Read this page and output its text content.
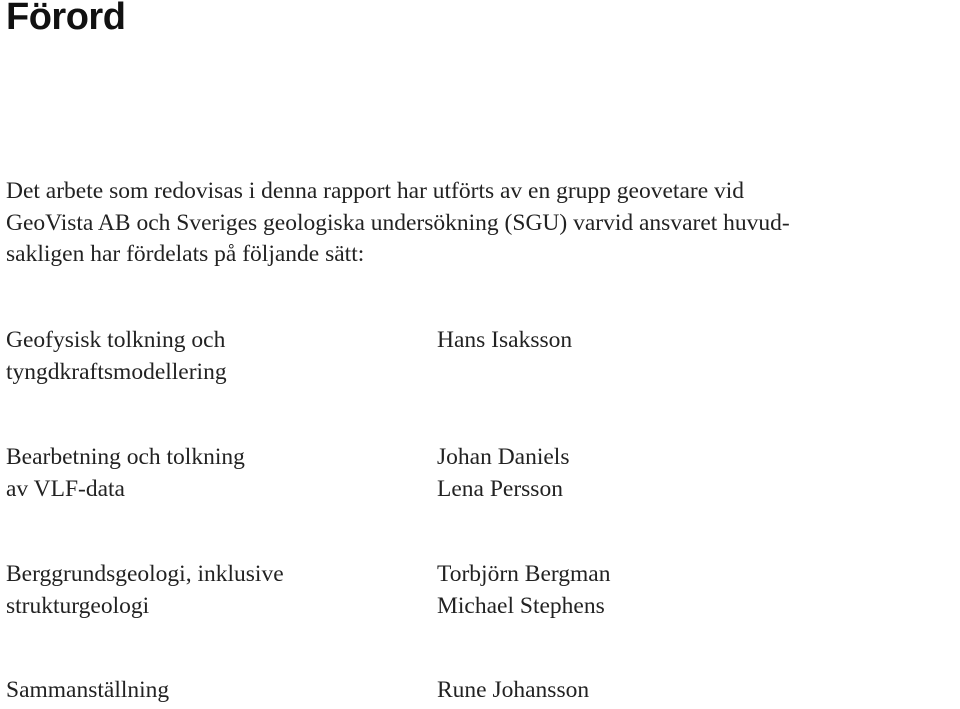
Förord

Det arbete som redovisas i denna rapport har utförts av en grupp geovetare vid
GeoVista AB och Sveriges geologiska undersökning (SGU) varvid ansvaret huvud-
sakligen har fördelats på följande sätt:

Geofysisk tolkning och
tyngdkraftsmodellering
Hans Isaksson
Bearbetning och tolkning
av VLF-data
Johan Daniels
Lena Persson
Berggrundsgeologi, inklusive
strukturgeologi
Torbjörn Bergman
Michael Stephens
Sammanställning	Rune Johansson
